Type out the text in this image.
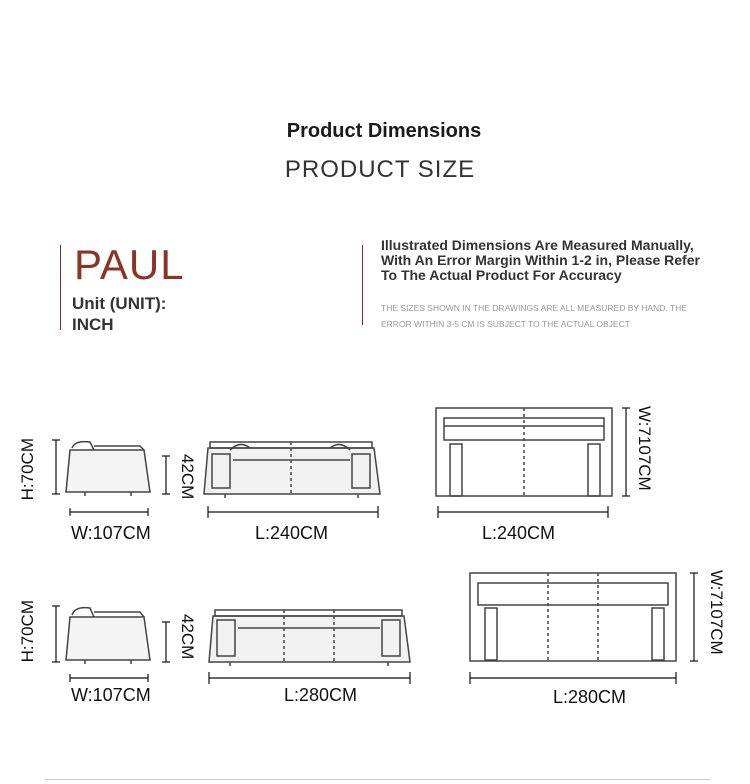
Product Dimensions
PRODUCT SIZE
PAUL
Unit (UNIT):
INCH
Illustrated Dimensions Are Measured Manually, With An Error Margin Within 1-2 in, Please Refer To The Actual Product For Accuracy
THE SIZES SHOWN IN THE DRAWINGS ARE ALL MEASURED BY HAND. THE ERROR WITHIN 3-5 CM IS SUBJECT TO THE ACTUAL OBJECT
H:70CM
W:107CM
42CM
L:240CM	L:240CM
W:7107CM
H:70CM
W:107CM
42CM
L:280CM	L:280CM
W:7107CM
